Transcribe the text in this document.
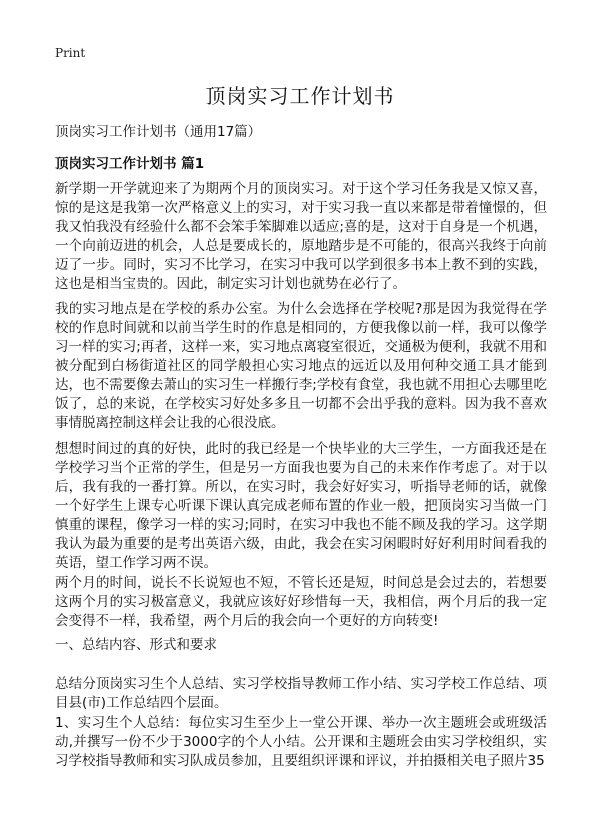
Print
顶岗实习工作计划书

顶岗实习工作计划书（通用17篇）

顶岗实习工作计划书 篇1

新学期一开学就迎来了为期两个月的顶岗实习。对于这个学习任务我是又惊又喜，惊的是这是我第一次严格意义上的实习，对于实习我一直以来都是带着憧憬的，但我又怕我没有经验什么都不会笨手笨脚难以适应;喜的是，这对于自身是一个机遇，一个向前迈进的机会，人总是要成长的，原地踏步是不可能的，很高兴我终于向前迈了一步。同时，实习不比学习，在实习中我可以学到很多书本上教不到的实践，这也是相当宝贵的。因此，制定实习计划也就势在必行了。

我的实习地点是在学校的系办公室。为什么会选择在学校呢?那是因为我觉得在学校的作息时间就和以前当学生时的作息是相同的，方便我像以前一样，我可以像学习一样的实习;再者，这样一来，实习地点离寝室很近，交通极为便利，我就不用和被分配到白杨街道社区的同学般担心实习地点的远近以及用何种交通工具才能到达，也不需要像去萧山的实习生一样搬行李;学校有食堂，我也就不用担心去哪里吃饭了，总的来说，在学校实习好处多多且一切都不会出乎我的意料。因为我不喜欢事情脱离控制这样会让我的心很没底。

想想时间过的真的好快，此时的我已经是一个快毕业的大三学生，一方面我还是在学校学习当个正常的学生，但是另一方面我也要为自己的未来作作考虑了。对于以后，我有我的一番打算。所以，在实习时，我会好好实习，听指导老师的话，就像一个好学生上课专心听课下课认真完成老师布置的作业一般，把顶岗实习当做一门慎重的课程，像学习一样的实习;同时，在实习中我也不能不顾及我的学习。这学期我认为最为重要的是考出英语六级，由此，我会在实习闲暇时好好利用时间看我的英语，望工作学习两不误。

两个月的时间，说长不长说短也不短，不管长还是短，时间总是会过去的，若想要这两个月的实习极富意义，我就应该好好珍惜每一天，我相信，两个月后的我一定会变得不一样，我希望，两个月后的我会向一个更好的方向转变!

一、总结内容、形式和要求

总结分顶岗实习生个人总结、实习学校指导教师工作小结、实习学校工作总结、项目县(市)工作总结四个层面。

1、实习生个人总结：每位实习生至少上一堂公开课、举办一次主题班会或班级活动,并撰写一份不少于3000字的个人小结。公开课和主题班会由实习学校组织，实习学校指导教师和实习队成员参加，且要组织评课和评议，并拍摄相关电子照片35
